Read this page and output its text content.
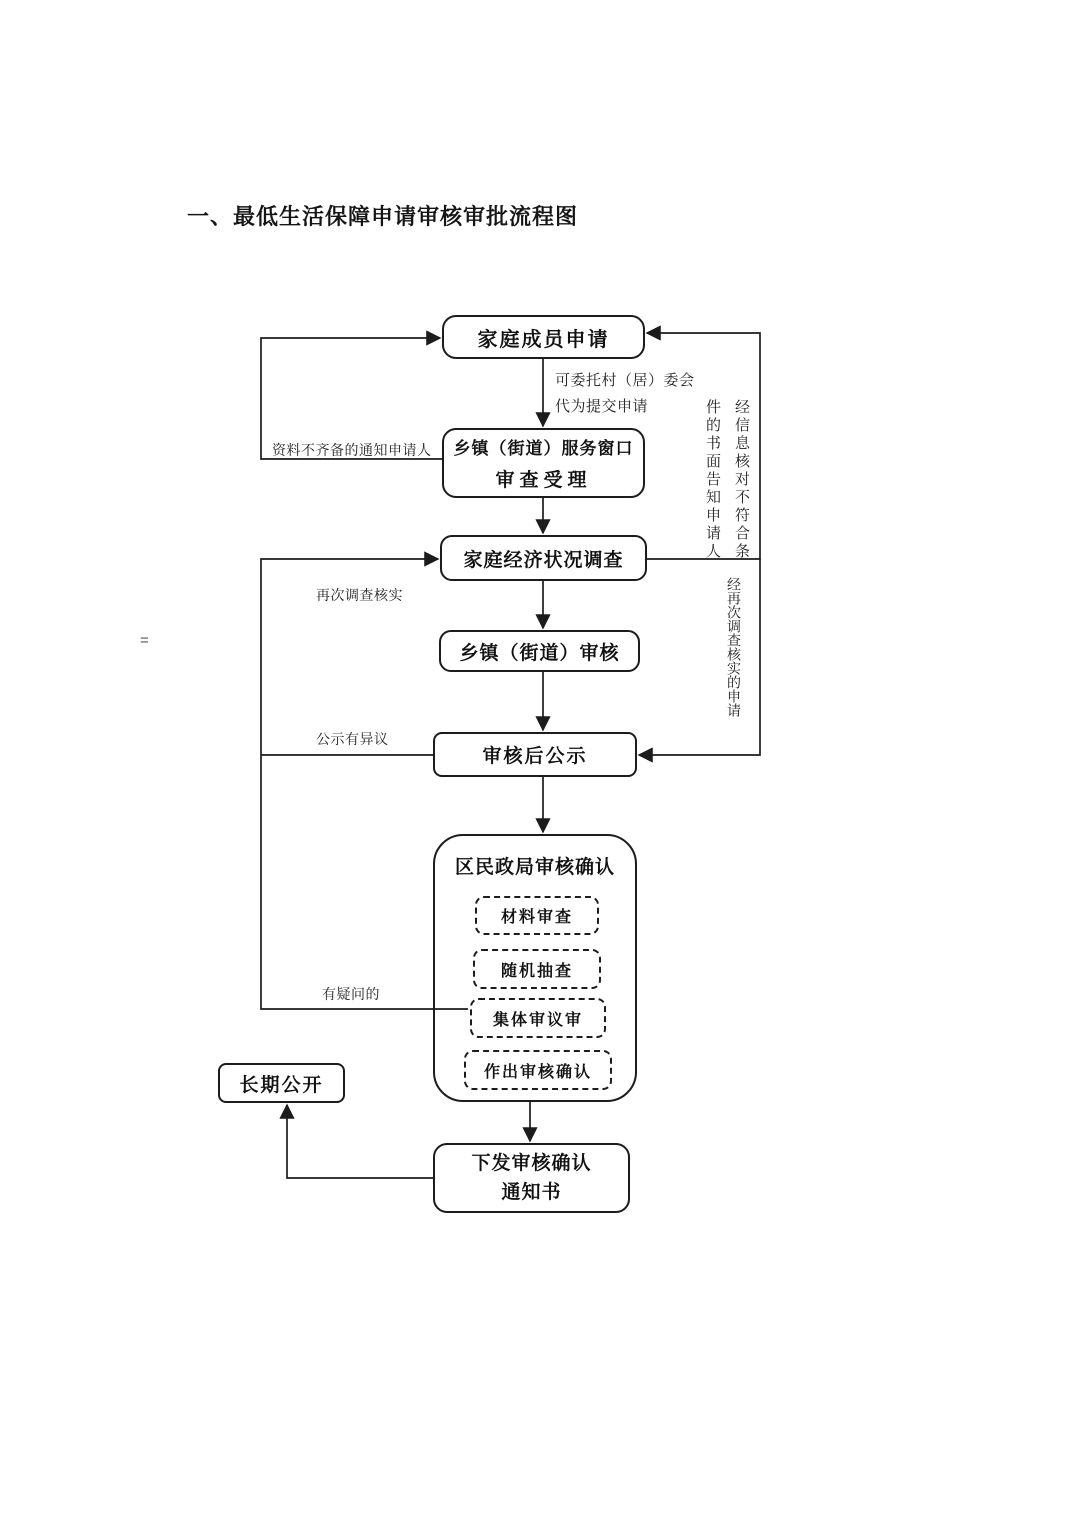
一、最低生活保障申请审核审批流程图
=
家庭成员申请
乡镇（街道）服务窗口
审查受理
家庭经济状况调查
乡镇（街道）审核
审核后公示
区民政局审核确认
材料审查
随机抽查
集体审议审
作出审核确认
长期公开
下发审核确认
通知书
可委托村（居）委会
代为提交申请
资料不齐备的通知申请人
再次调查核实
公示有异议
有疑问的
经信息核对不符合条
件的书面告知申请人
经再次调查核实的申请
